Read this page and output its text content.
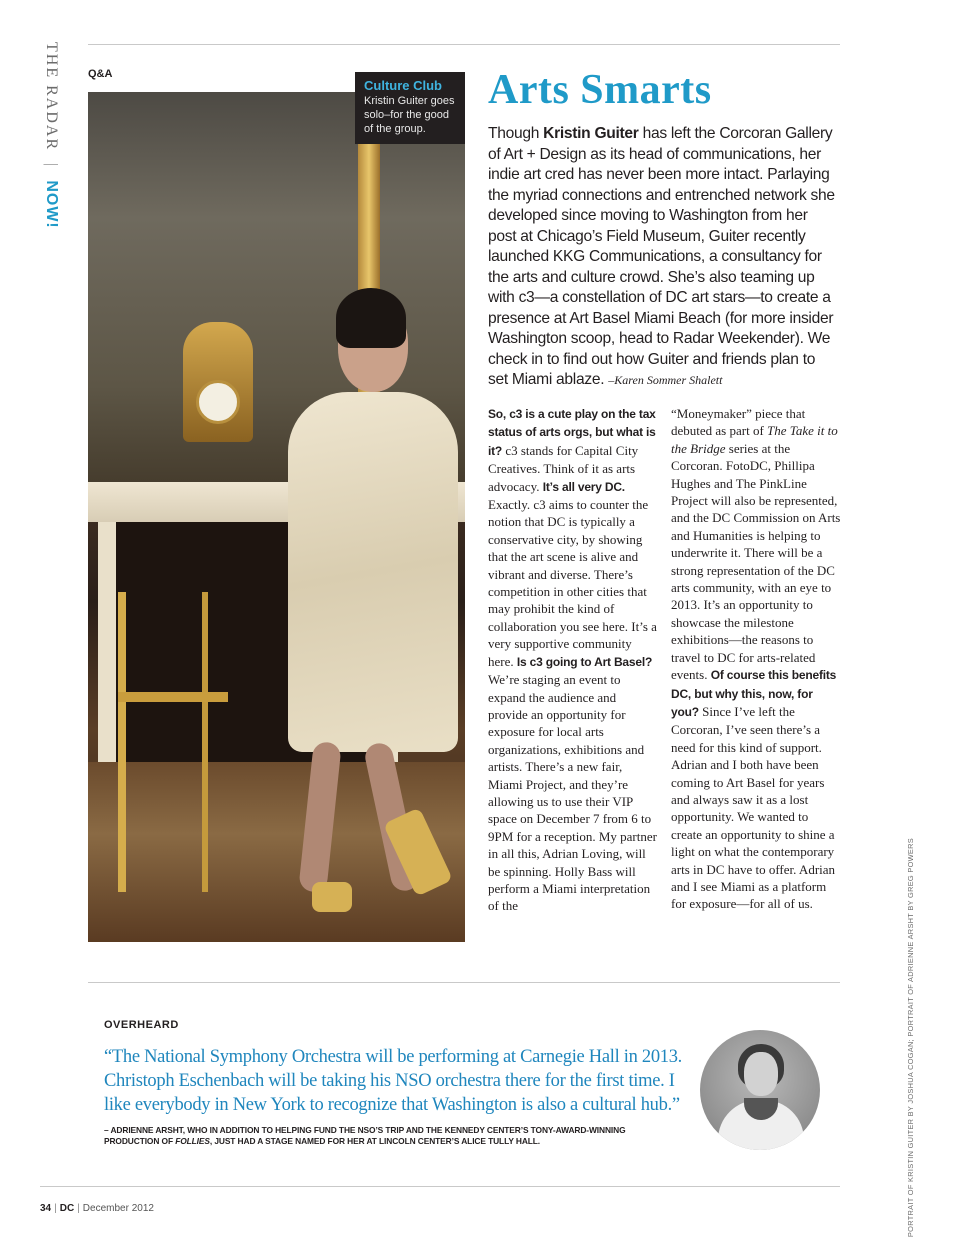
THE RADAR | NOW!
Q&A
Culture Club
Kristin Guiter goes solo–for the good of the group.
Arts Smarts

Though Kristin Guiter has left the Corcoran Gallery of Art + Design as its head of communications, her indie art cred has never been more intact. Parlaying the myriad connections and entrenched network she developed since moving to Washington from her post at Chicago’s Field Museum, Guiter recently launched KKG Communications, a consultancy for the arts and culture crowd. She’s also teaming up with c3—a constellation of DC art stars—to create a presence at Art Basel Miami Beach (for more insider Washington scoop, head to Radar Weekender). We check in to find out how Guiter and friends plan to set Miami ablaze. –Karen Sommer Shalett

So, c3 is a cute play on the tax status of arts orgs, but what is it? c3 stands for Capital City Creatives. Think of it as arts advocacy. It’s all very DC. Exactly. c3 aims to counter the notion that DC is typically a conservative city, by showing that the art scene is alive and vibrant and diverse. There’s competition in other cities that may prohibit the kind of collaboration you see here. It’s a very supportive community here. Is c3 going to Art Basel? We’re staging an event to expand the audience and provide an opportunity for exposure for local arts organizations, exhibitions and artists. There’s a new fair, Miami Project, and they’re allowing us to use their VIP space on December 7 from 6 to 9PM for a reception. My partner in all this, Adrian Loving, will be spinning. Holly Bass will perform a Miami interpretation of the
“Moneymaker” piece that debuted as part of The Take it to the Bridge series at the Corcoran. FotoDC, Phillipa Hughes and The PinkLine Project will also be represented, and the DC Commission on Arts and Humanities is helping to underwrite it. There will be a strong representation of the DC arts community, with an eye to 2013. It’s an opportunity to showcase the milestone exhibitions—the reasons to travel to DC for arts-related events. Of course this benefits DC, but why this, now, for you? Since I’ve left the Corcoran, I’ve seen there’s a need for this kind of support. Adrian and I both have been coming to Art Basel for years and always saw it as a lost opportunity. We wanted to create an opportunity to shine a light on what the contemporary arts in DC have to offer. Adrian and I see Miami as a platform for exposure—for all of us.
OVERHEARD

“The National Symphony Orchestra will be performing at Carnegie Hall in 2013. Christoph Eschenbach will be taking his NSO orchestra there for the first time. I like everybody in New York to recognize that Washington is also a cultural hub.”

– ADRIENNE ARSHT, WHO IN ADDITION TO HELPING FUND THE NSO’S TRIP AND THE KENNEDY CENTER’S TONY-AWARD-WINNING PRODUCTION OF FOLLIES, JUST HAD A STAGE NAMED FOR HER AT LINCOLN CENTER’S ALICE TULLY HALL.	PORTRAIT OF KRISTIN GUITER BY JOSHUA COGAN; PORTRAIT OF ADRIENNE ARSHT BY GREG POWERS
34 | DC | December 2012
